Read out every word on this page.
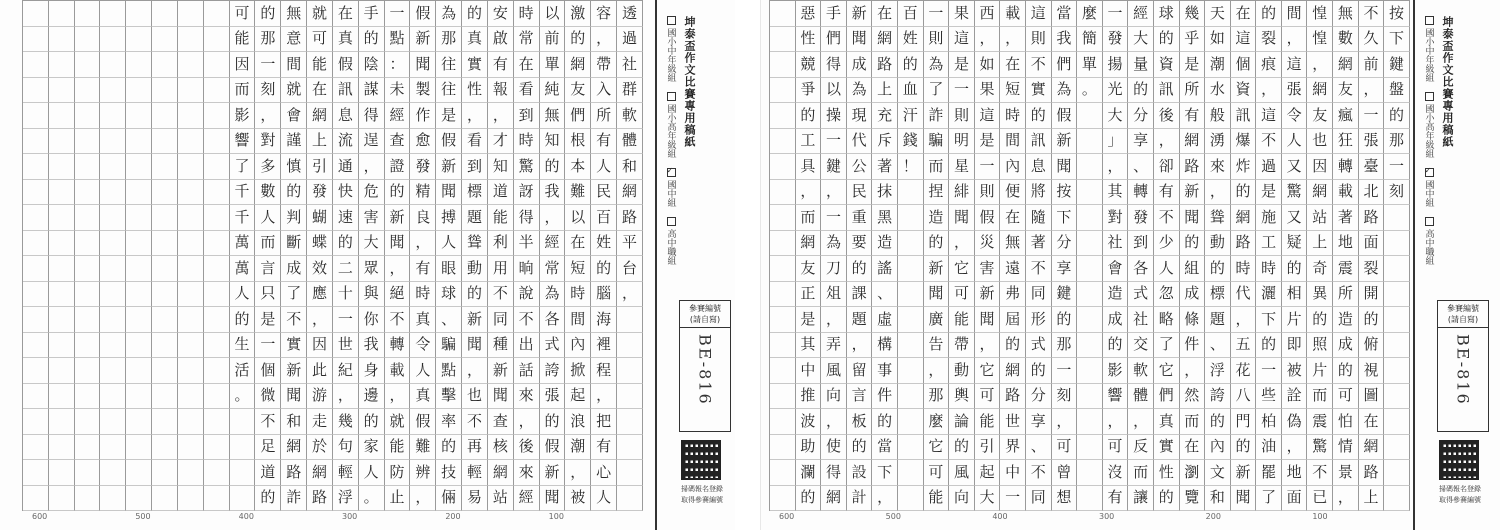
可
能
因
而
影
響
了
千
千
萬
萬
人
的
生
活
。
的
那
一
刻
，
對
多
數
人
而
言
只
是
一
個
微
不
足
道
的
無
意
間
就
會
謹
慎
的
判
斷
成
了
不
實
新
聞
和
網
路
詐
就
可
能
在
網
上
引
發
蝴
蝶
效
應
，
因
此
游
走
於
網
路
在
真
假
訊
息
流
通
快
速
的
二
十
一
世
紀
，
幾
句
輕
浮
手
的
陰
謀
得
逞
，
危
害
大
眾
與
你
我
身
邊
的
家
人
。
一
點
：
未
經
查
證
的
新
聞
，
絕
不
轉
載
，
就
能
防
止
假
新
聞
製
作
愈
發
精
良
，
有
時
真
令
人
真
假
難
辨
，
為
那
往
往
是
假
新
聞
搏
人
眼
球
、
騙
點
擊
率
的
技
倆
的
真
實
性
，
看
到
標
題
聳
動
的
新
聞
，
也
不
再
輕
易
安
啟
有
報
，
才
知
道
能
利
用
不
同
種
新
聞
查
核
網
站
時
常
在
看
到
時
驚
訝
得
半
晌
說
不
出
話
來
，
後
來
經
以
前
單
純
無
知
的
我
，
經
常
為
各
式
誇
張
的
假
新
聞
激
的
網
友
們
根
本
難
以
在
短
時
間
內
掀
起
浪
潮
，
被
容
，
帶
入
所
有
人
民
百
姓
的
腦
海
裡
程
，
把
有
心
人
透
過
社
群
軟
體
和
網
路
平
台
，
600	500	400	300	200	100
國小中年級組
國小高年級組
✓
國中組
高中職組
坤泰盃作文比賽專用稿紙
參賽編號
(請自寫)
BE-816
掃碼報名登錄
取得參賽編號
惡
性
競
爭
的
工
具
，
而
網
友
正
是
其
中
推
波
助
瀾
的
手
們
得
以
操
一
鍵
，
一
為
刀
俎
，
弄
風
向
，
使
得
網
新
聞
成
為
現
代
公
民
重
要
的
課
題
，
留
言
板
的
設
計
在
網
路
上
充
斥
著
抹
黑
造
謠
、
虛
構
事
件
的
當
下
，
百
姓
的
血
汗
錢
！
一
則
為
了
詐
騙
而
捏
造
的
新
聞
廣
告
，
那
麼
它
可
能
果
這
是
一
則
明
星
緋
聞
，
它
可
能
帶
動
輿
論
的
風
向
西
，
如
果
這
是
一
則
假
災
害
新
聞
，
它
可
能
引
起
大
載
，
在
短
時
間
內
便
在
無
遠
弗
屆
的
網
路
世
界
中
一
這
則
不
實
的
訊
息
將
隨
著
不
同
形
式
的
分
享
、
不
同
當
我
們
為
假
新
聞
按
下
分
享
鍵
的
那
一
刻
，
可
曾
想
麼
簡
單
。
一
發
揚
光
大
」
，
其
對
社
會
造
成
的
影
響
，
可
沒
有
經
大
量
的
分
享
、
轉
發
到
各
式
社
交
軟
體
，
反
而
讓
球
的
資
訊
後
，
卻
有
不
少
人
忽
略
了
它
們
真
實
性
的
幾
乎
是
所
有
網
路
新
聞
的
組
成
條
件
，
然
而
在
瀏
覽
天
如
潮
水
般
湧
來
，
聳
動
的
標
題
、
浮
誇
的
內
文
和
在
這
個
資
訊
爆
炸
的
網
路
時
代
，
五
花
八
門
的
新
聞
的
裂
痕
，
這
不
過
是
施
工
時
灑
下
的
一
些
柏
油
罷
了
間
，
這
張
令
人
又
驚
又
疑
的
相
片
即
被
詮
偽
，
地
面
惶
惶
，
網
友
也
因
網
站
上
奇
異
的
照
片
而
震
驚
不
已
無
數
網
友
瘋
狂
轉
載
著
地
震
所
造
成
的
可
怕
情
景
，
不
久
前
，
一
張
臺
北
路
面
裂
開
的
俯
視
圖
在
網
路
上
按
下
鍵
盤
的
那
一
刻
600	500	400	300	200	100
國小中年級組
國小高年級組
✓
國中組
高中職組
坤泰盃作文比賽專用稿紙
參賽編號
(請自寫)
BE-816
掃碼報名登錄
取得參賽編號
